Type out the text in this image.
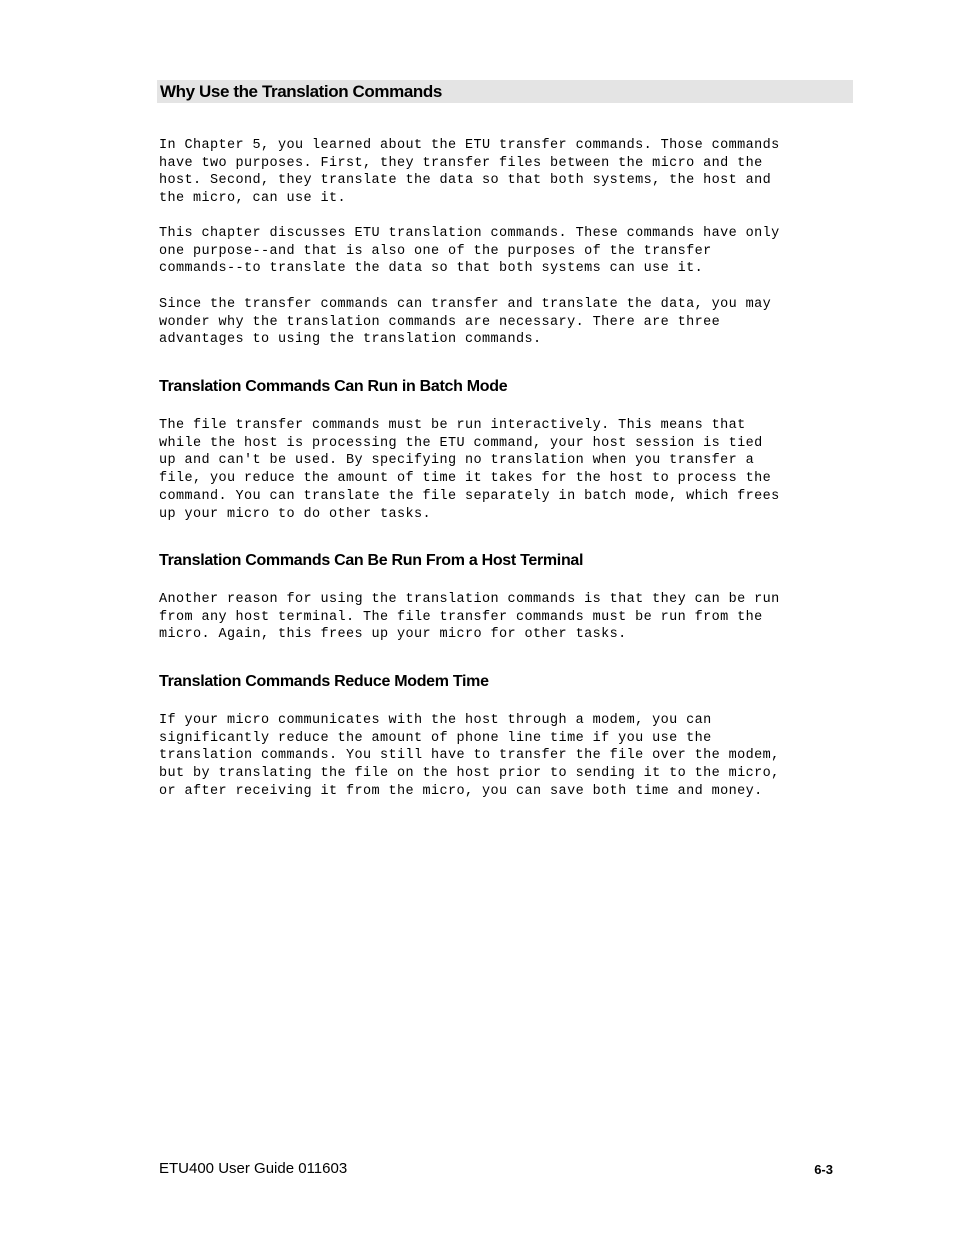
Why Use the Translation Commands

In Chapter 5, you learned about the ETU transfer commands. Those commands
have two purposes. First, they transfer files between the micro and the
host. Second, they translate the data so that both systems, the host and
the micro, can use it.

This chapter discusses ETU translation commands. These commands have only
one purpose--and that is also one of the purposes of the transfer
commands--to translate the data so that both systems can use it.

Since the transfer commands can transfer and translate the data, you may
wonder why the translation commands are necessary. There are three
advantages to using the translation commands.

Translation Commands Can Run in Batch Mode

The file transfer commands must be run interactively. This means that
while the host is processing the ETU command, your host session is tied
up and can't be used. By specifying no translation when you transfer a
file, you reduce the amount of time it takes for the host to process the
command. You can translate the file separately in batch mode, which frees
up your micro to do other tasks.

Translation Commands Can Be Run From a Host Terminal

Another reason for using the translation commands is that they can be run
from any host terminal. The file transfer commands must be run from the
micro. Again, this frees up your micro for other tasks.

Translation Commands Reduce Modem Time

If your micro communicates with the host through a modem, you can
significantly reduce the amount of phone line time if you use the
translation commands. You still have to transfer the file over the modem,
but by translating the file on the host prior to sending it to the micro,
or after receiving it from the micro, you can save both time and money.

ETU400 User Guide 011603	6-3
